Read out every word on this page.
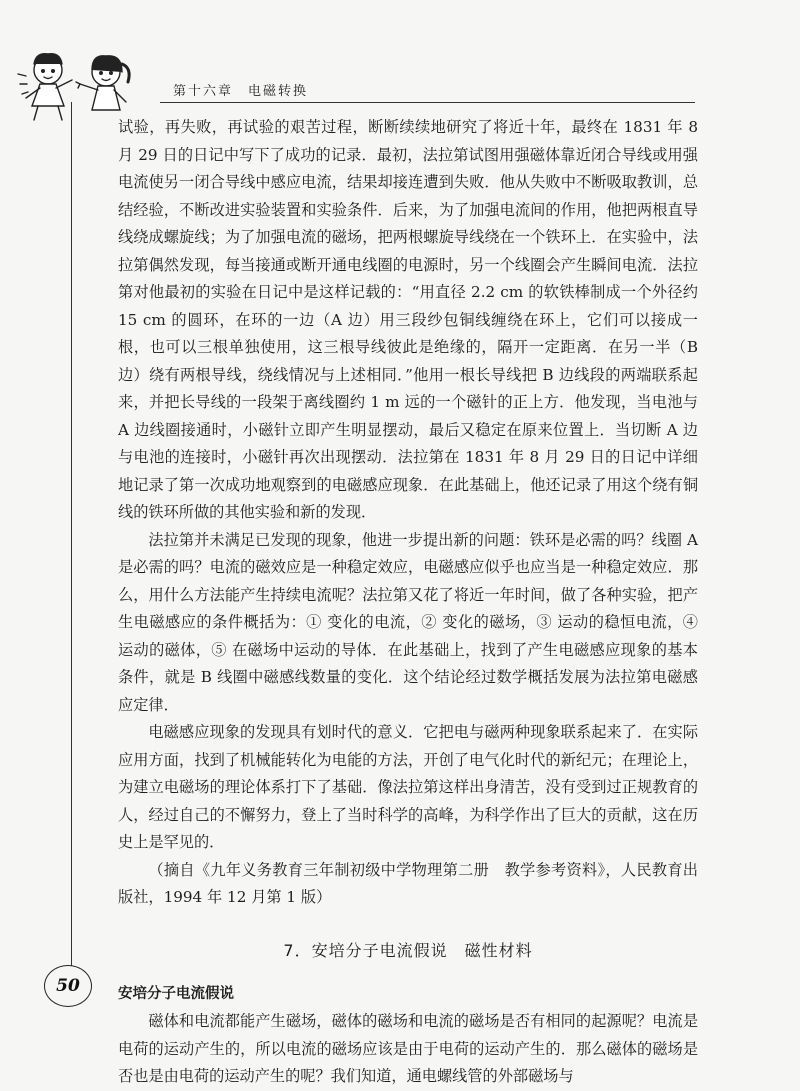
第十六章　电磁转换

试验，再失败，再试验的艰苦过程，断断续续地研究了将近十年，最终在 1831 年 8 月 29 日的日记中写下了成功的记录．最初，法拉第试图用强磁体靠近闭合导线或用强电流使另一闭合导线中感应电流，结果却接连遭到失败．他从失败中不断吸取教训，总结经验，不断改进实验装置和实验条件．后来，为了加强电流间的作用，他把两根直导线绕成螺旋线；为了加强电流的磁场，把两根螺旋导线绕在一个铁环上．在实验中，法拉第偶然发现，每当接通或断开通电线圈的电源时，另一个线圈会产生瞬间电流．法拉第对他最初的实验在日记中是这样记载的：“用直径 2.2 cm 的软铁棒制成一个外径约 15 cm 的圆环，在环的一边（A 边）用三段纱包铜线缠绕在环上，它们可以接成一根，也可以三根单独使用，这三根导线彼此是绝缘的，隔开一定距离．在另一半（B 边）绕有两根导线，绕线情况与上述相同．”他用一根长导线把 B 边线段的两端联系起来，并把长导线的一段架于离线圈约 1 m 远的一个磁针的正上方．他发现，当电池与 A 边线圈接通时，小磁针立即产生明显摆动，最后又稳定在原来位置上．当切断 A 边与电池的连接时，小磁针再次出现摆动．法拉第在 1831 年 8 月 29 日的日记中详细地记录了第一次成功地观察到的电磁感应现象．在此基础上，他还记录了用这个绕有铜线的铁环所做的其他实验和新的发现．

法拉第并未满足已发现的现象，他进一步提出新的问题：铁环是必需的吗？线圈 A 是必需的吗？电流的磁效应是一种稳定效应，电磁感应似乎也应当是一种稳定效应．那么，用什么方法能产生持续电流呢？法拉第又花了将近一年时间，做了各种实验，把产生电磁感应的条件概括为：① 变化的电流，② 变化的磁场，③ 运动的稳恒电流，④ 运动的磁体，⑤ 在磁场中运动的导体．在此基础上，找到了产生电磁感应现象的基本条件，就是 B 线圈中磁感线数量的变化．这个结论经过数学概括发展为法拉第电磁感应定律．

电磁感应现象的发现具有划时代的意义．它把电与磁两种现象联系起来了．在实际应用方面，找到了机械能转化为电能的方法，开创了电气化时代的新纪元；在理论上，为建立电磁场的理论体系打下了基础．像法拉第这样出身清苦，没有受到过正规教育的人，经过自己的不懈努力，登上了当时科学的高峰，为科学作出了巨大的贡献，这在历史上是罕见的．

（摘自《九年义务教育三年制初级中学物理第二册　教学参考资料》，人民教育出版社，1994 年 12 月第 1 版）

7．安培分子电流假说　磁性材料

安培分子电流假说

磁体和电流都能产生磁场，磁体的磁场和电流的磁场是否有相同的起源呢？电流是电荷的运动产生的，所以电流的磁场应该是由于电荷的运动产生的．那么磁体的磁场是否也是由电荷的运动产生的呢？我们知道，通电螺线管的外部磁场与

50
